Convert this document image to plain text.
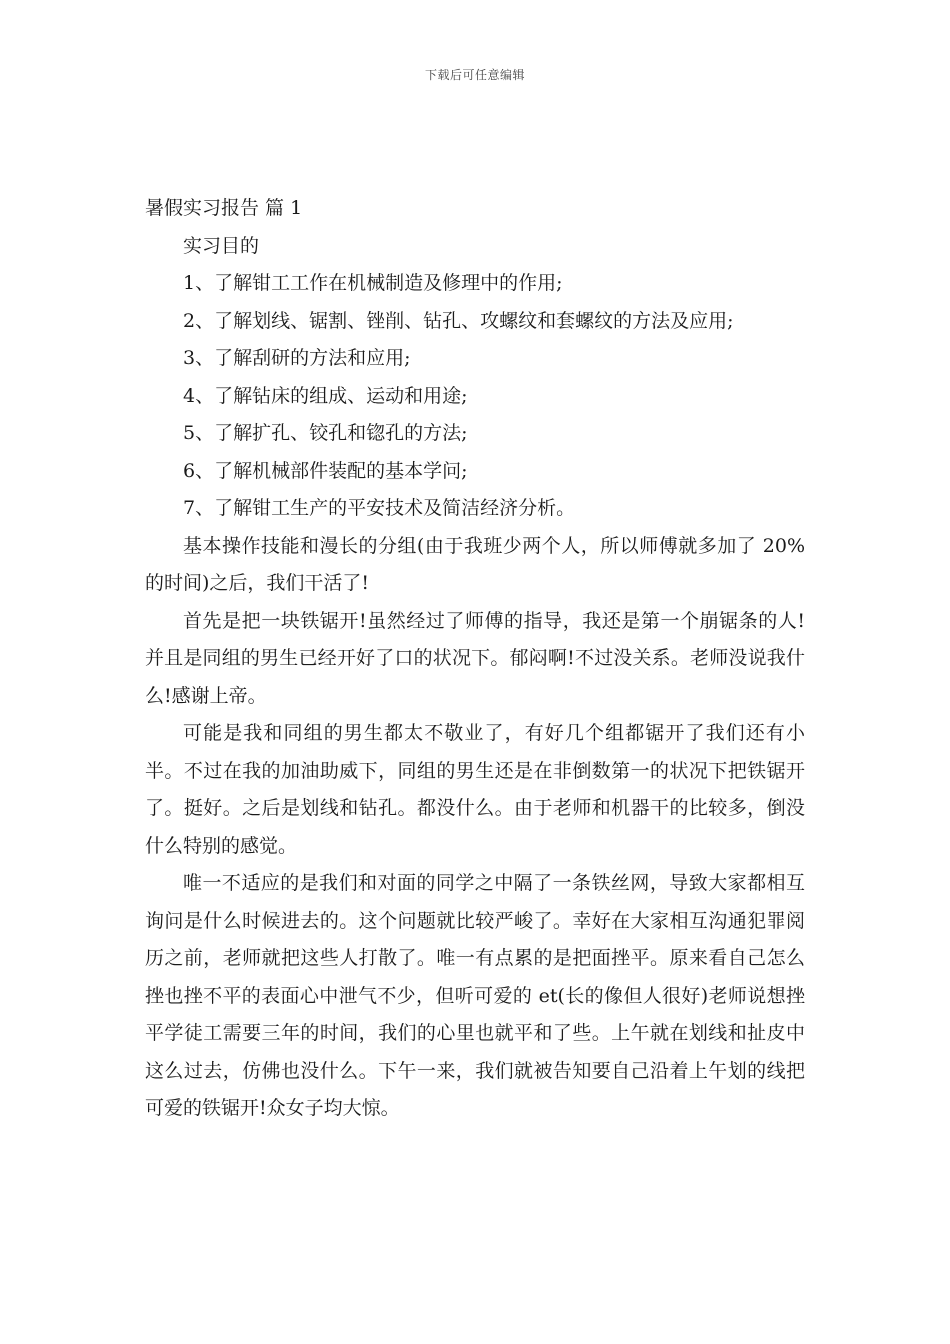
下载后可任意编辑
暑假实习报告 篇 1

实习目的

1、了解钳工工作在机械制造及修理中的作用;

2、了解划线、锯割、锉削、钻孔、攻螺纹和套螺纹的方法及应用;

3、了解刮研的方法和应用;

4、了解钻床的组成、运动和用途;

5、了解扩孔、铰孔和锪孔的方法;

6、了解机械部件装配的基本学问;

7、了解钳工生产的平安技术及简洁经济分析。

基本操作技能和漫长的分组(由于我班少两个人，所以师傅就多加了 20%的时间)之后，我们干活了!

首先是把一块铁锯开!虽然经过了师傅的指导，我还是第一个崩锯条的人!并且是同组的男生已经开好了口的状况下。郁闷啊!不过没关系。老师没说我什么!感谢上帝。

可能是我和同组的男生都太不敬业了，有好几个组都锯开了我们还有小半。不过在我的加油助威下，同组的男生还是在非倒数第一的状况下把铁锯开了。挺好。之后是划线和钻孔。都没什么。由于老师和机器干的比较多，倒没什么特别的感觉。

唯一不适应的是我们和对面的同学之中隔了一条铁丝网，导致大家都相互询问是什么时候进去的。这个问题就比较严峻了。幸好在大家相互沟通犯罪阅历之前，老师就把这些人打散了。唯一有点累的是把面挫平。原来看自己怎么挫也挫不平的表面心中泄气不少，但听可爱的 et(长的像但人很好)老师说想挫平学徒工需要三年的时间，我们的心里也就平和了些。上午就在划线和扯皮中这么过去，仿佛也没什么。下午一来，我们就被告知要自己沿着上午划的线把可爱的铁锯开!众女子均大惊。
